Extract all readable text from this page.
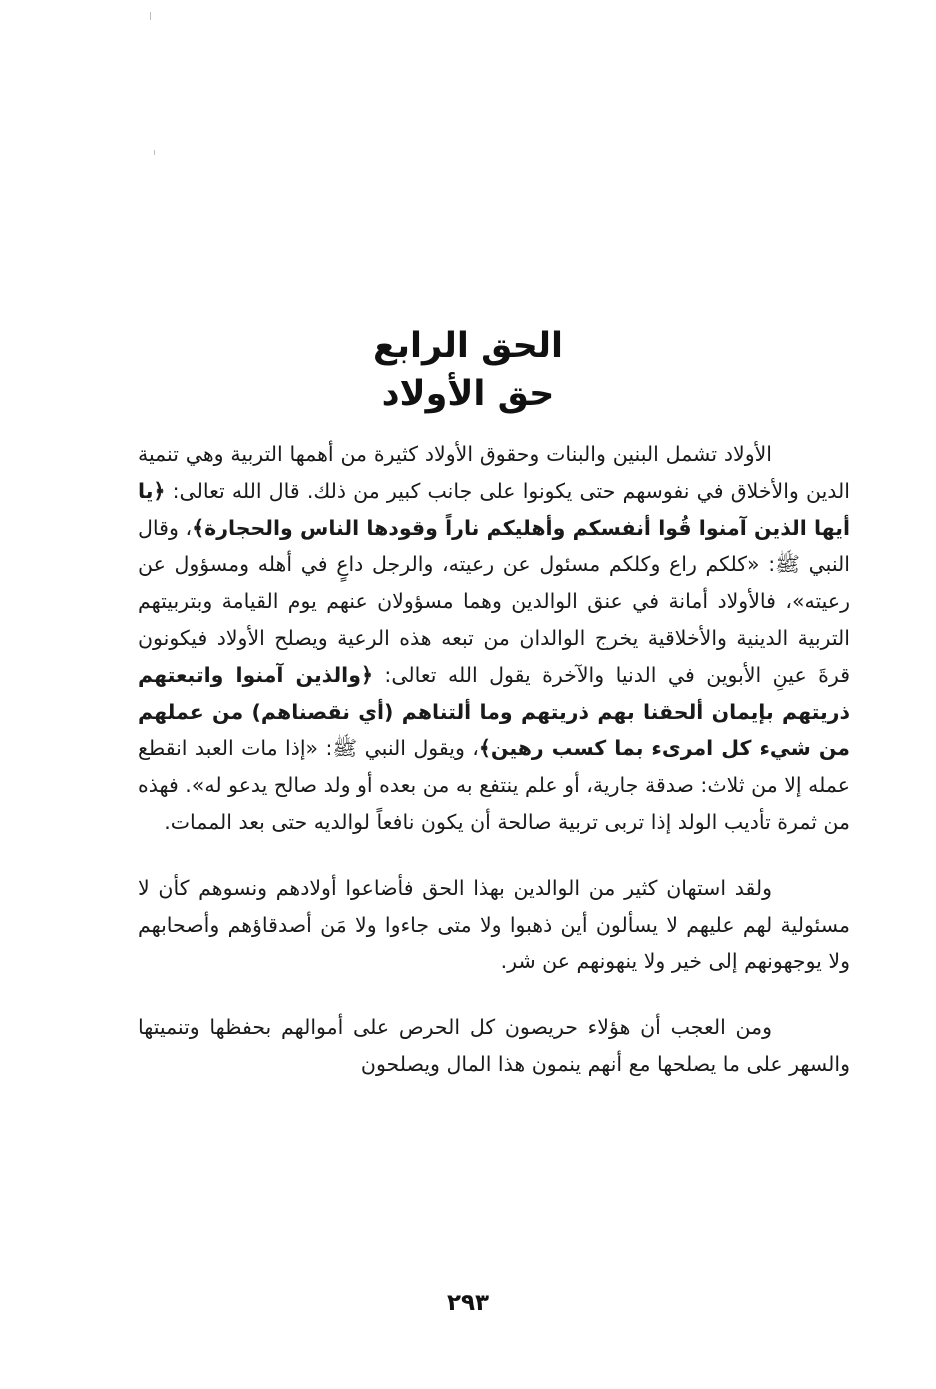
الحق الرابع
حق الأولاد

الأولاد تشمل البنين والبنات وحقوق الأولاد كثيرة من أهمها التربية وهي تنمية الدين والأخلاق في نفوسهم حتى يكونوا على جانب كبير من ذلك. قال الله تعالى: ﴿يا أيها الذين آمنوا قُوا أنفسكم وأهليكم ناراً وقودها الناس والحجارة﴾، وقال النبي ﷺ: «كلكم راع وكلكم مسئول عن رعيته، والرجل داعٍ في أهله ومسؤول عن رعيته»، فالأولاد أمانة في عنق الوالدين وهما مسؤولان عنهم يوم القيامة وبتربيتهم التربية الدينية والأخلاقية يخرج الوالدان من تبعه هذه الرعية ويصلح الأولاد فيكونون قرةَ عينِ الأبوين في الدنيا والآخرة يقول الله تعالى: ﴿والذين آمنوا واتبعتهم ذريتهم بإيمان ألحقنا بهم ذريتهم وما ألتناهم (أي نقصناهم) من عملهم من شيء كل امرىء بما كسب رهين﴾، ويقول النبي ﷺ: «إذا مات العبد انقطع عمله إلا من ثلاث: صدقة جارية، أو علم ينتفع به من بعده أو ولد صالح يدعو له». فهذه من ثمرة تأديب الولد إذا تربى تربية صالحة أن يكون نافعاً لوالديه حتى بعد الممات.

ولقد استهان كثير من الوالدين بهذا الحق فأضاعوا أولادهم ونسوهم كأن لا مسئولية لهم عليهم لا يسألون أين ذهبوا ولا متى جاءوا ولا مَن أصدقاؤهم وأصحابهم ولا يوجهونهم إلى خير ولا ينهونهم عن شر.

ومن العجب أن هؤلاء حريصون كل الحرص على أموالهم بحفظها وتنميتها والسهر على ما يصلحها مع أنهم ينمون هذا المال ويصلحون

٢٩٣
